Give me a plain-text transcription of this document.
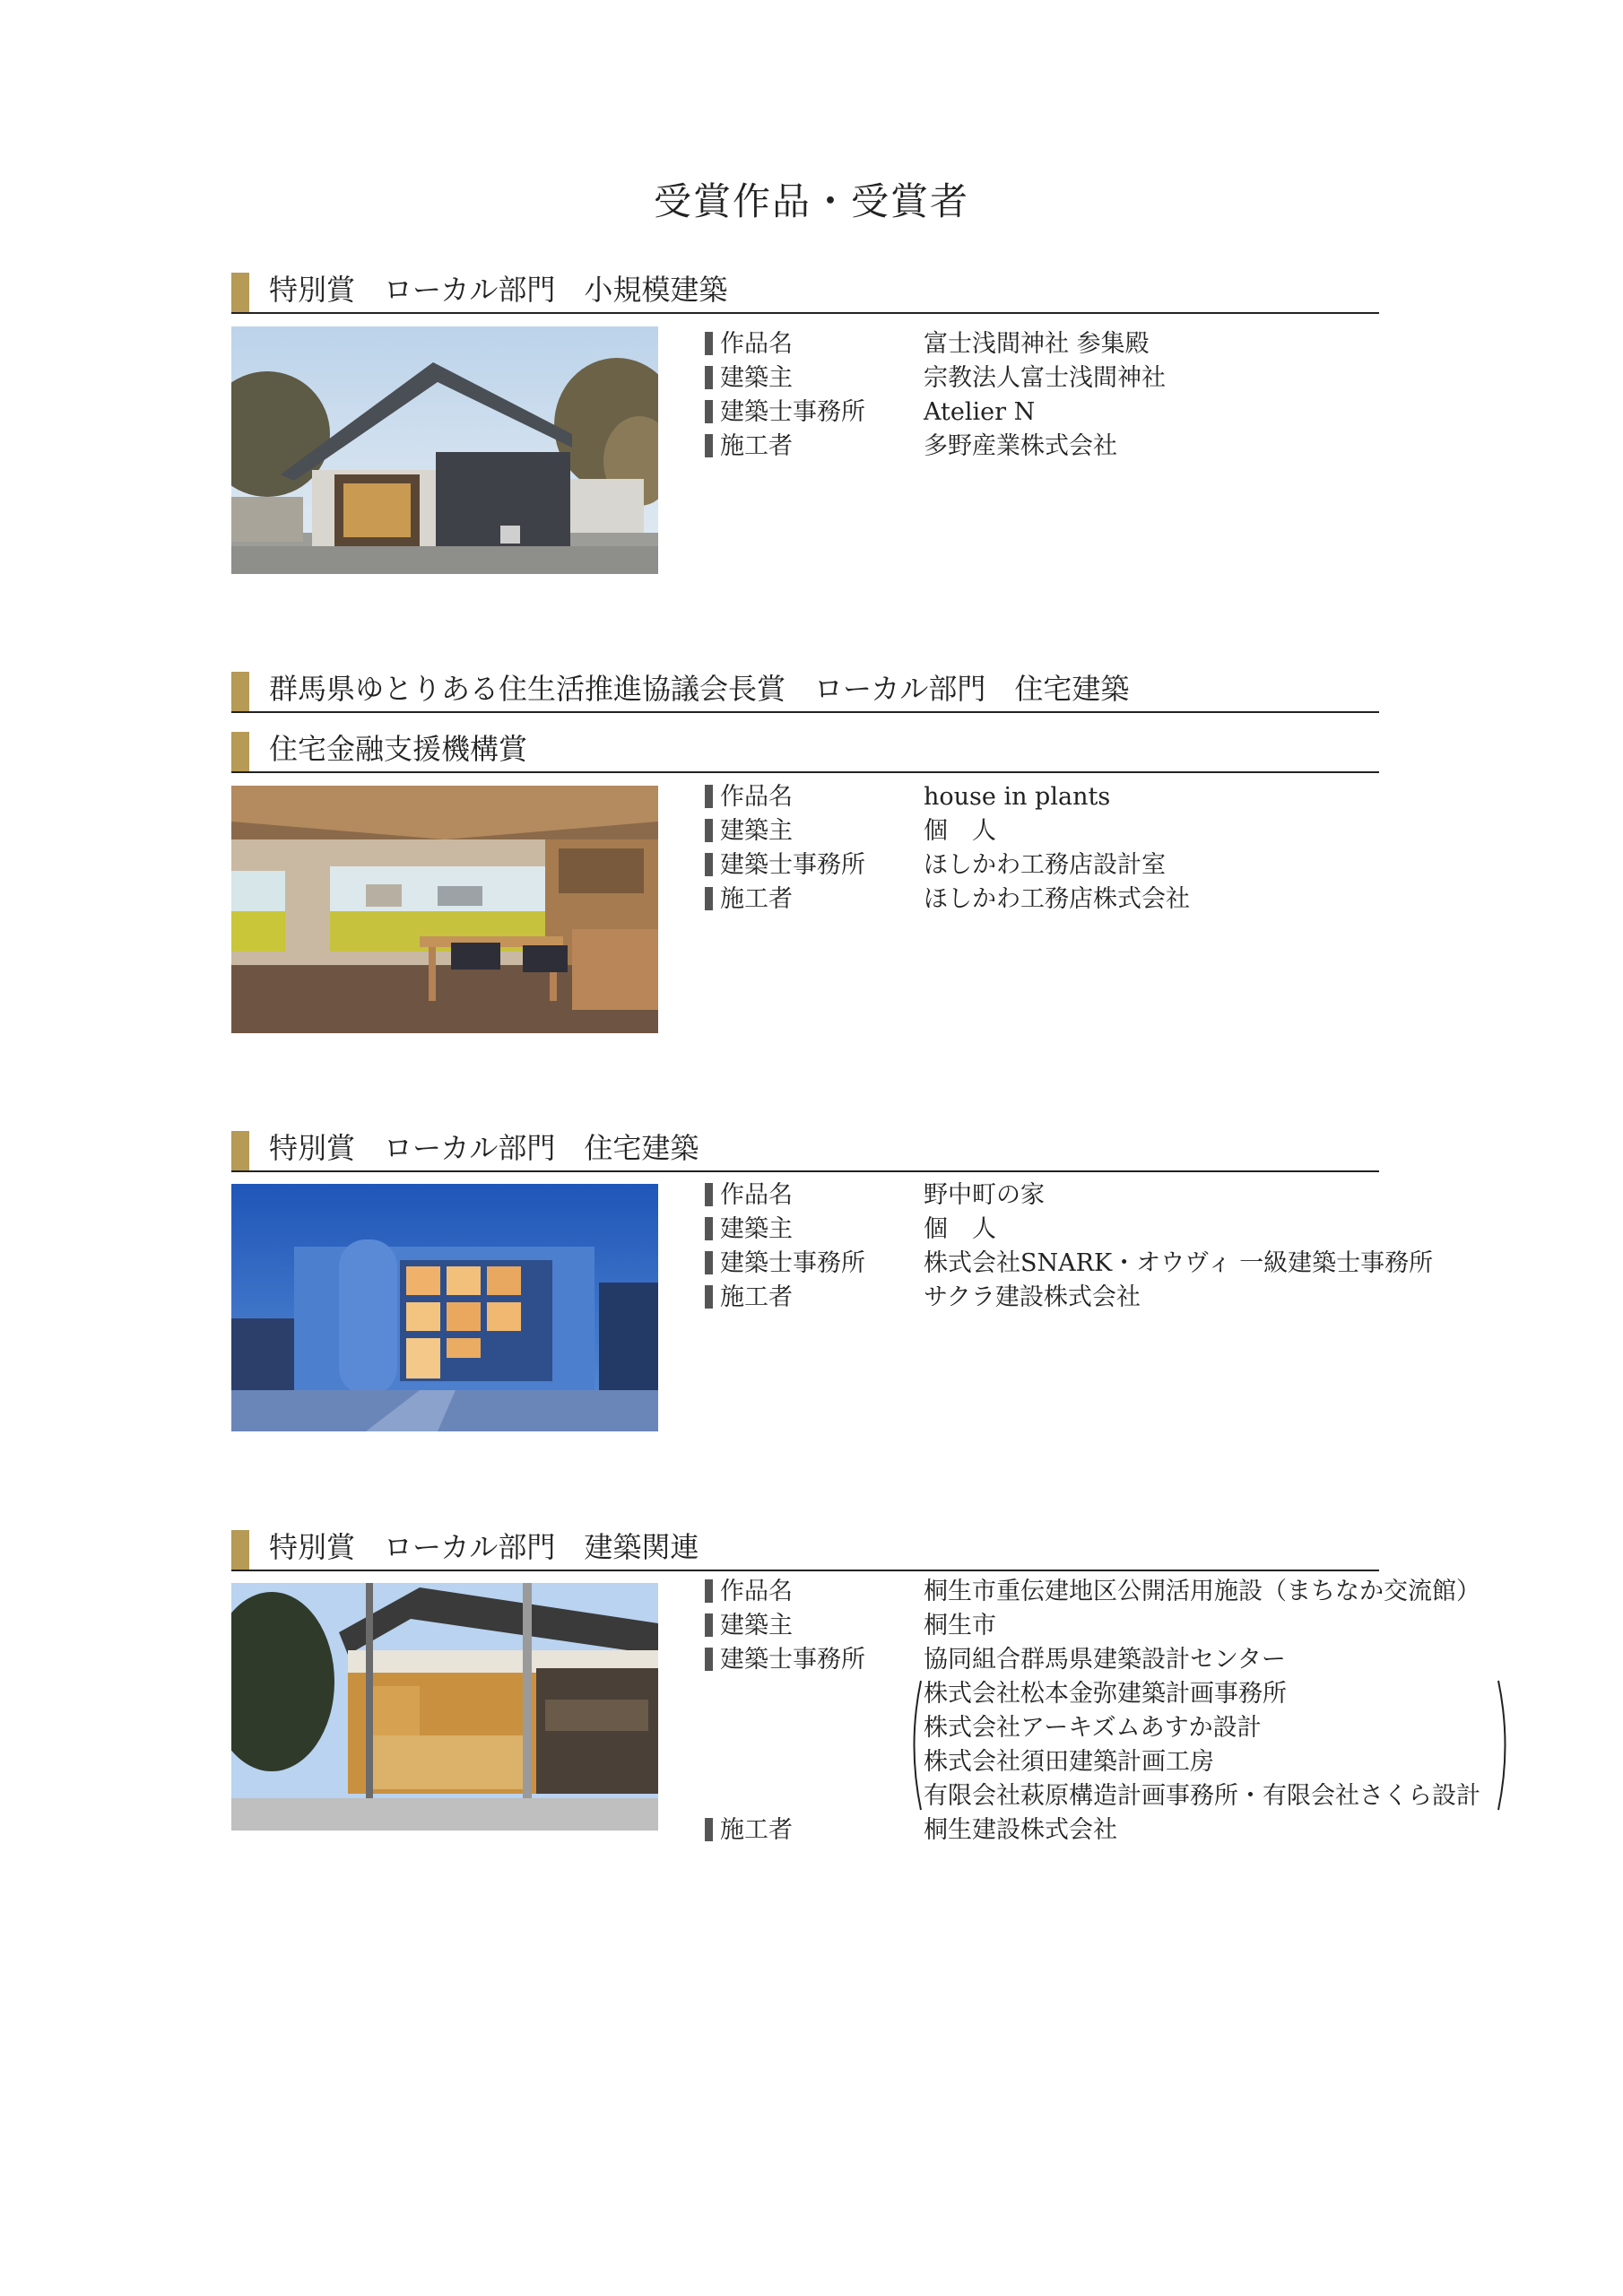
受賞作品・受賞者
特別賞　ローカル部門　小規模建築
作品名	富士浅間神社 参集殿
建築主	宗教法人富士浅間神社
建築士事務所 Atelier N
施工者	多野産業株式会社
群馬県ゆとりある住生活推進協議会長賞　ローカル部門　住宅建築
住宅金融支援機構賞
作品名	house in plants
建築主	個　人
建築士事務所 ほしかわ工務店設計室
施工者	ほしかわ工務店株式会社
特別賞　ローカル部門　住宅建築
作品名	野中町の家
建築主	個　人
建築士事務所 株式会社SNARK・オウヴィ 一級建築士事務所
施工者	サクラ建設株式会社
特別賞　ローカル部門　建築関連
作品名	桐生市重伝建地区公開活用施設（まちなか交流館）
建築主	桐生市
建築士事務所 協同組合群馬県建築設計センター
株式会社松本金弥建築計画事務所
株式会社アーキズムあすか設計
株式会社須田建築計画工房
有限会社萩原構造計画事務所・有限会社さくら設計
施工者	桐生建設株式会社
